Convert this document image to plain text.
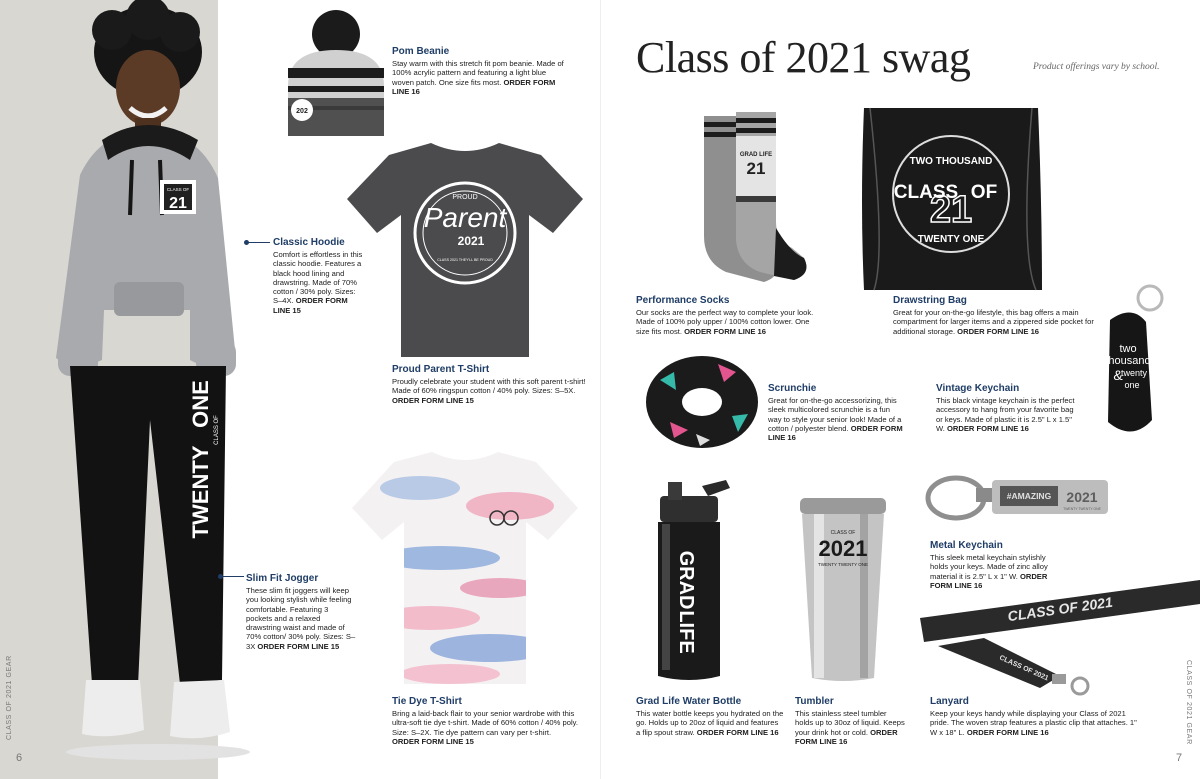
CLASS OF
21
TWENTY
CLASS OF
ONE
202
PROUD
Parent
2021
CLASS 2021 THEY'LL BE PROUD
GRAD LIFE
21	TWO THOUSAND
21
CLASS OF
TWENTY ONE
two
thousand
&
twenty
one
GRAD
LIFE
CLASS OF
2021
TWENTY TWENTY ONE
#AMAZING 2021
TWENTY TWENTY ONE
CLASS OF 2021
CLASS OF 2021
Class of 2021 swag	Product offerings vary by school.
Pom Beanie
Stay warm with this stretch fit pom beanie. Made of 100% acrylic pattern and featuring a light blue woven patch. One size fits most. ORDER FORM LINE 16
Classic Hoodie
Comfort is effortless in this classic hoodie. Features a black hood lining and drawstring. Made of 70% cotton / 30% poly. Sizes: S–4X. ORDER FORM LINE 15
Proud Parent T-Shirt
Proudly celebrate your student with this soft parent t-shirt! Made of 60% ringspun cotton / 40% poly. Sizes: S–5X. ORDER FORM LINE 15
Slim Fit Jogger
These slim fit joggers will keep you looking stylish while feeling comfortable. Featuring 3 pockets and a relaxed drawstring waist and made of 70% cotton/ 30% poly. Sizes: S–3X ORDER FORM LINE 15
Tie Dye T-Shirt
Bring a laid-back flair to your senior wardrobe with this ultra-soft tie dye t-shirt. Made of 60% cotton / 40% poly. Size: S–2X. Tie dye pattern can vary per t-shirt. ORDER FORM LINE 15
Performance Socks
Our socks are the perfect way to complete your look. Made of 100% poly upper / 100% cotton lower. One size fits most. ORDER FORM LINE 16
Drawstring Bag
Great for your on-the-go lifestyle, this bag offers a main compartment for larger items and a zippered side pocket for additional storage. ORDER FORM LINE 16
Scrunchie
Great for on-the-go accessorizing, this sleek multicolored scrunchie is a fun way to style your senior look! Made of a cotton / polyester blend. ORDER FORM LINE 16
Vintage Keychain
This black vintage keychain is the perfect accessory to hang from your favorite bag or keys. Made of plastic it is 2.5" L x 1.5" W. ORDER FORM LINE 16
Metal Keychain
This sleek metal keychain stylishly holds your keys. Made of zinc alloy material it is 2.5" L x 1" W. ORDER FORM LINE 16
Grad Life Water Bottle
This water bottle keeps you hydrated on the go. Holds up to 20oz of liquid and features a flip spout straw. ORDER FORM LINE 16
Tumbler
This stainless steel tumbler holds up to 30oz of liquid. Keeps your drink hot or cold. ORDER FORM LINE 16
Lanyard
Keep your keys handy while displaying your Class of 2021 pride. The woven strap features a plastic clip that attaches. 1" W x 18" L. ORDER FORM LINE 16
CLASS OF 2021 GEAR	CLASS OF 2021 GEAR
6	7
